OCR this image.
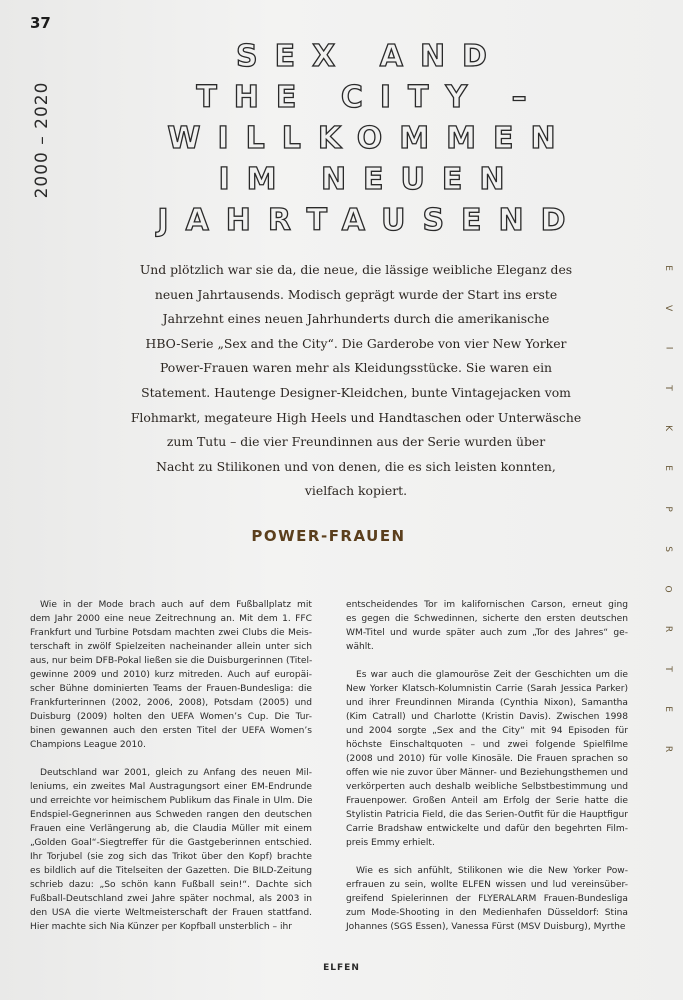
37
2000 – 2020
SEX AND
THE CITY –
WILLKOMMEN
IM NEUEN
JAHRTAUSEND
E
V
I
T
K
E
P
S
O
R
T
E
R
Und plötzlich war sie da, die neue, die lässige weibliche Eleganz des
neuen Jahrtausends. Modisch geprägt wurde der Start ins erste
Jahrzehnt eines neuen Jahrhunderts durch die amerikanische
HBO-Serie „Sex and the City“. Die Garderobe von vier New Yorker
Power-Frauen waren mehr als Kleidungsstücke. Sie waren ein
Statement. Hautenge Designer-Kleidchen, bunte Vintagejacken vom
Flohmarkt, megateure High Heels und Handtaschen oder Unterwäsche
zum Tutu – die vier Freundinnen aus der Serie wurden über
Nacht zu Stilikonen und von denen, die es sich leisten konnten,
vielfach kopiert.
POWER-FRAUEN
Wie in der Mode brach auch auf dem Fußballplatz mit
dem Jahr 2000 eine neue Zeitrechnung an. Mit dem 1. FFC
Frankfurt und Turbine Potsdam machten zwei Clubs die Meis-
terschaft in zwölf Spielzeiten nacheinander allein unter sich
aus, nur beim DFB-Pokal ließen sie die Duisburgerinnen (Titel-
gewinne 2009 und 2010) kurz mitreden. Auch auf europäi-
scher Bühne dominierten Teams der Frauen-Bundesliga: die
Frankfurterinnen (2002, 2006, 2008), Potsdam (2005) und
Duisburg (2009) holten den UEFA Women’s Cup. Die Tur-
binen gewannen auch den ersten Titel der UEFA Women’s
Champions League 2010.
Deutschland war 2001, gleich zu Anfang des neuen Mil-
leniums, ein zweites Mal Austragungsort einer EM-Endrunde
und erreichte vor heimischem Publikum das Finale in Ulm. Die
Endspiel-Gegnerinnen aus Schweden rangen den deutschen
Frauen eine Verlängerung ab, die Claudia Müller mit einem
„Golden Goal“-Siegtreffer für die Gastgeberinnen entschied.
Ihr Torjubel (sie zog sich das Trikot über den Kopf) brachte
es bildlich auf die Titelseiten der Gazetten. Die BILD-Zeitung
schrieb dazu: „So schön kann Fußball sein!“. Dachte sich
Fußball-Deutschland zwei Jahre später nochmal, als 2003 in
den USA die vierte Weltmeisterschaft der Frauen stattfand.
Hier machte sich Nia Künzer per Kopfball unsterblich – ihr
entscheidendes Tor im kalifornischen Carson, erneut ging
es gegen die Schwedinnen, sicherte den ersten deutschen
WM-Titel und wurde später auch zum „Tor des Jahres“ ge-
wählt.
Es war auch die glamouröse Zeit der Geschichten um die
New Yorker Klatsch-Kolumnistin Carrie (Sarah Jessica Parker)
und ihrer Freundinnen Miranda (Cynthia Nixon), Samantha
(Kim Catrall) und Charlotte (Kristin Davis). Zwischen 1998
und 2004 sorgte „Sex and the City“ mit 94 Episoden für
höchste Einschaltquoten – und zwei folgende Spielfilme
(2008 und 2010) für volle Kinosäle. Die Frauen sprachen so
offen wie nie zuvor über Männer- und Beziehungsthemen und
verkörperten auch deshalb weibliche Selbstbestimmung und
Frauenpower. Großen Anteil am Erfolg der Serie hatte die
Stylistin Patricia Field, die das Serien-Outfit für die Hauptfigur
Carrie Bradshaw entwickelte und dafür den begehrten Film-
preis Emmy erhielt.
Wie es sich anfühlt, Stilikonen wie die New Yorker Pow-
erfrauen zu sein, wollte ELFEN wissen und lud vereinsüber-
greifend Spielerinnen der FLYERALARM Frauen-Bundesliga
zum Mode-Shooting in den Medienhafen Düsseldorf: Stina
Johannes (SGS Essen), Vanessa Fürst (MSV Duisburg), Myrthe
ELFEN
